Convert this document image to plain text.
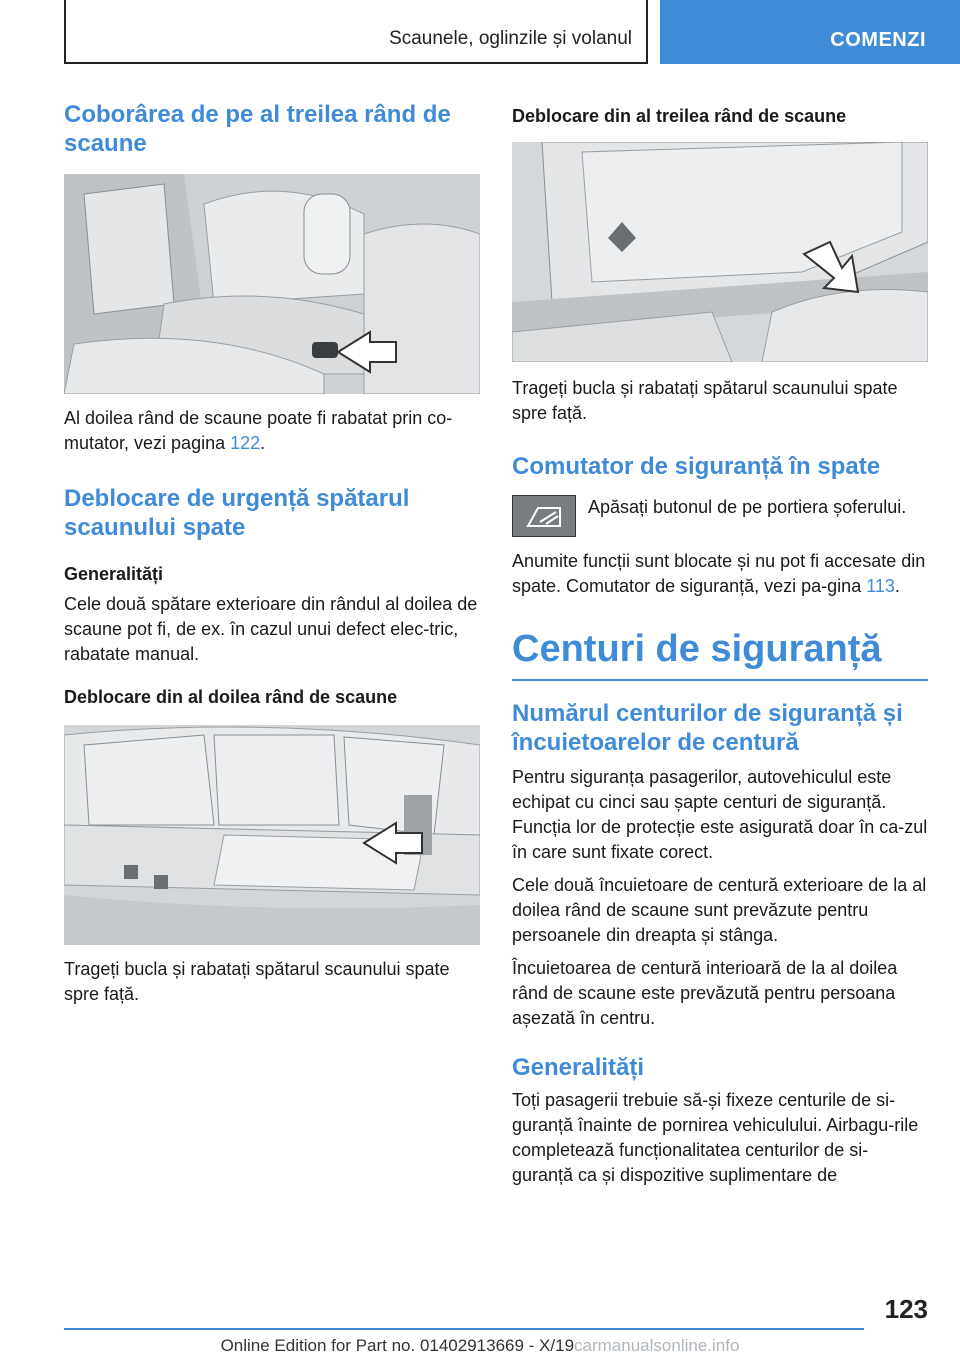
Scaunele, oglinzile și volanul	COMENZI
Coborârea de pe al treilea rând de scaune

Al doilea rând de scaune poate fi rabatat prin co-mutator, vezi pagina 122.

Deblocare de urgență spătarul scaunului spate
Generalități

Cele două spătare exterioare din rândul al doilea de scaune pot fi, de ex. în cazul unui defect elec-tric, rabatate manual.

Deblocare din al doilea rând de scaune

Trageți bucla și rabatați spătarul scaunului spate spre față.

Deblocare din al treilea rând de scaune

Trageți bucla și rabatați spătarul scaunului spate spre față.

Comutator de siguranță în spate

Apăsați butonul de pe portiera șoferului.

Anumite funcții sunt blocate și nu pot fi accesate din spate. Comutator de siguranță, vezi pa-gina 113.

Centuri de siguranță
Numărul centurilor de siguranță și încuietoarelor de centură

Pentru siguranța pasagerilor, autovehiculul este echipat cu cinci sau șapte centuri de siguranță. Funcția lor de protecție este asigurată doar în ca-zul în care sunt fixate corect.

Cele două încuietoare de centură exterioare de la al doilea rând de scaune sunt prevăzute pentru persoanele din dreapta și stânga.

Încuietoarea de centură interioară de la al doilea rând de scaune este prevăzută pentru persoana așezată în centru.

Generalități

Toți pasagerii trebuie să-și fixeze centurile de si-guranță înainte de pornirea vehiculului. Airbagu-rile completează funcționalitatea centurilor de si-guranță ca și dispozitive suplimentare de

123
Online Edition for Part no. 01402913669 - X/19carmanualsonline.info
